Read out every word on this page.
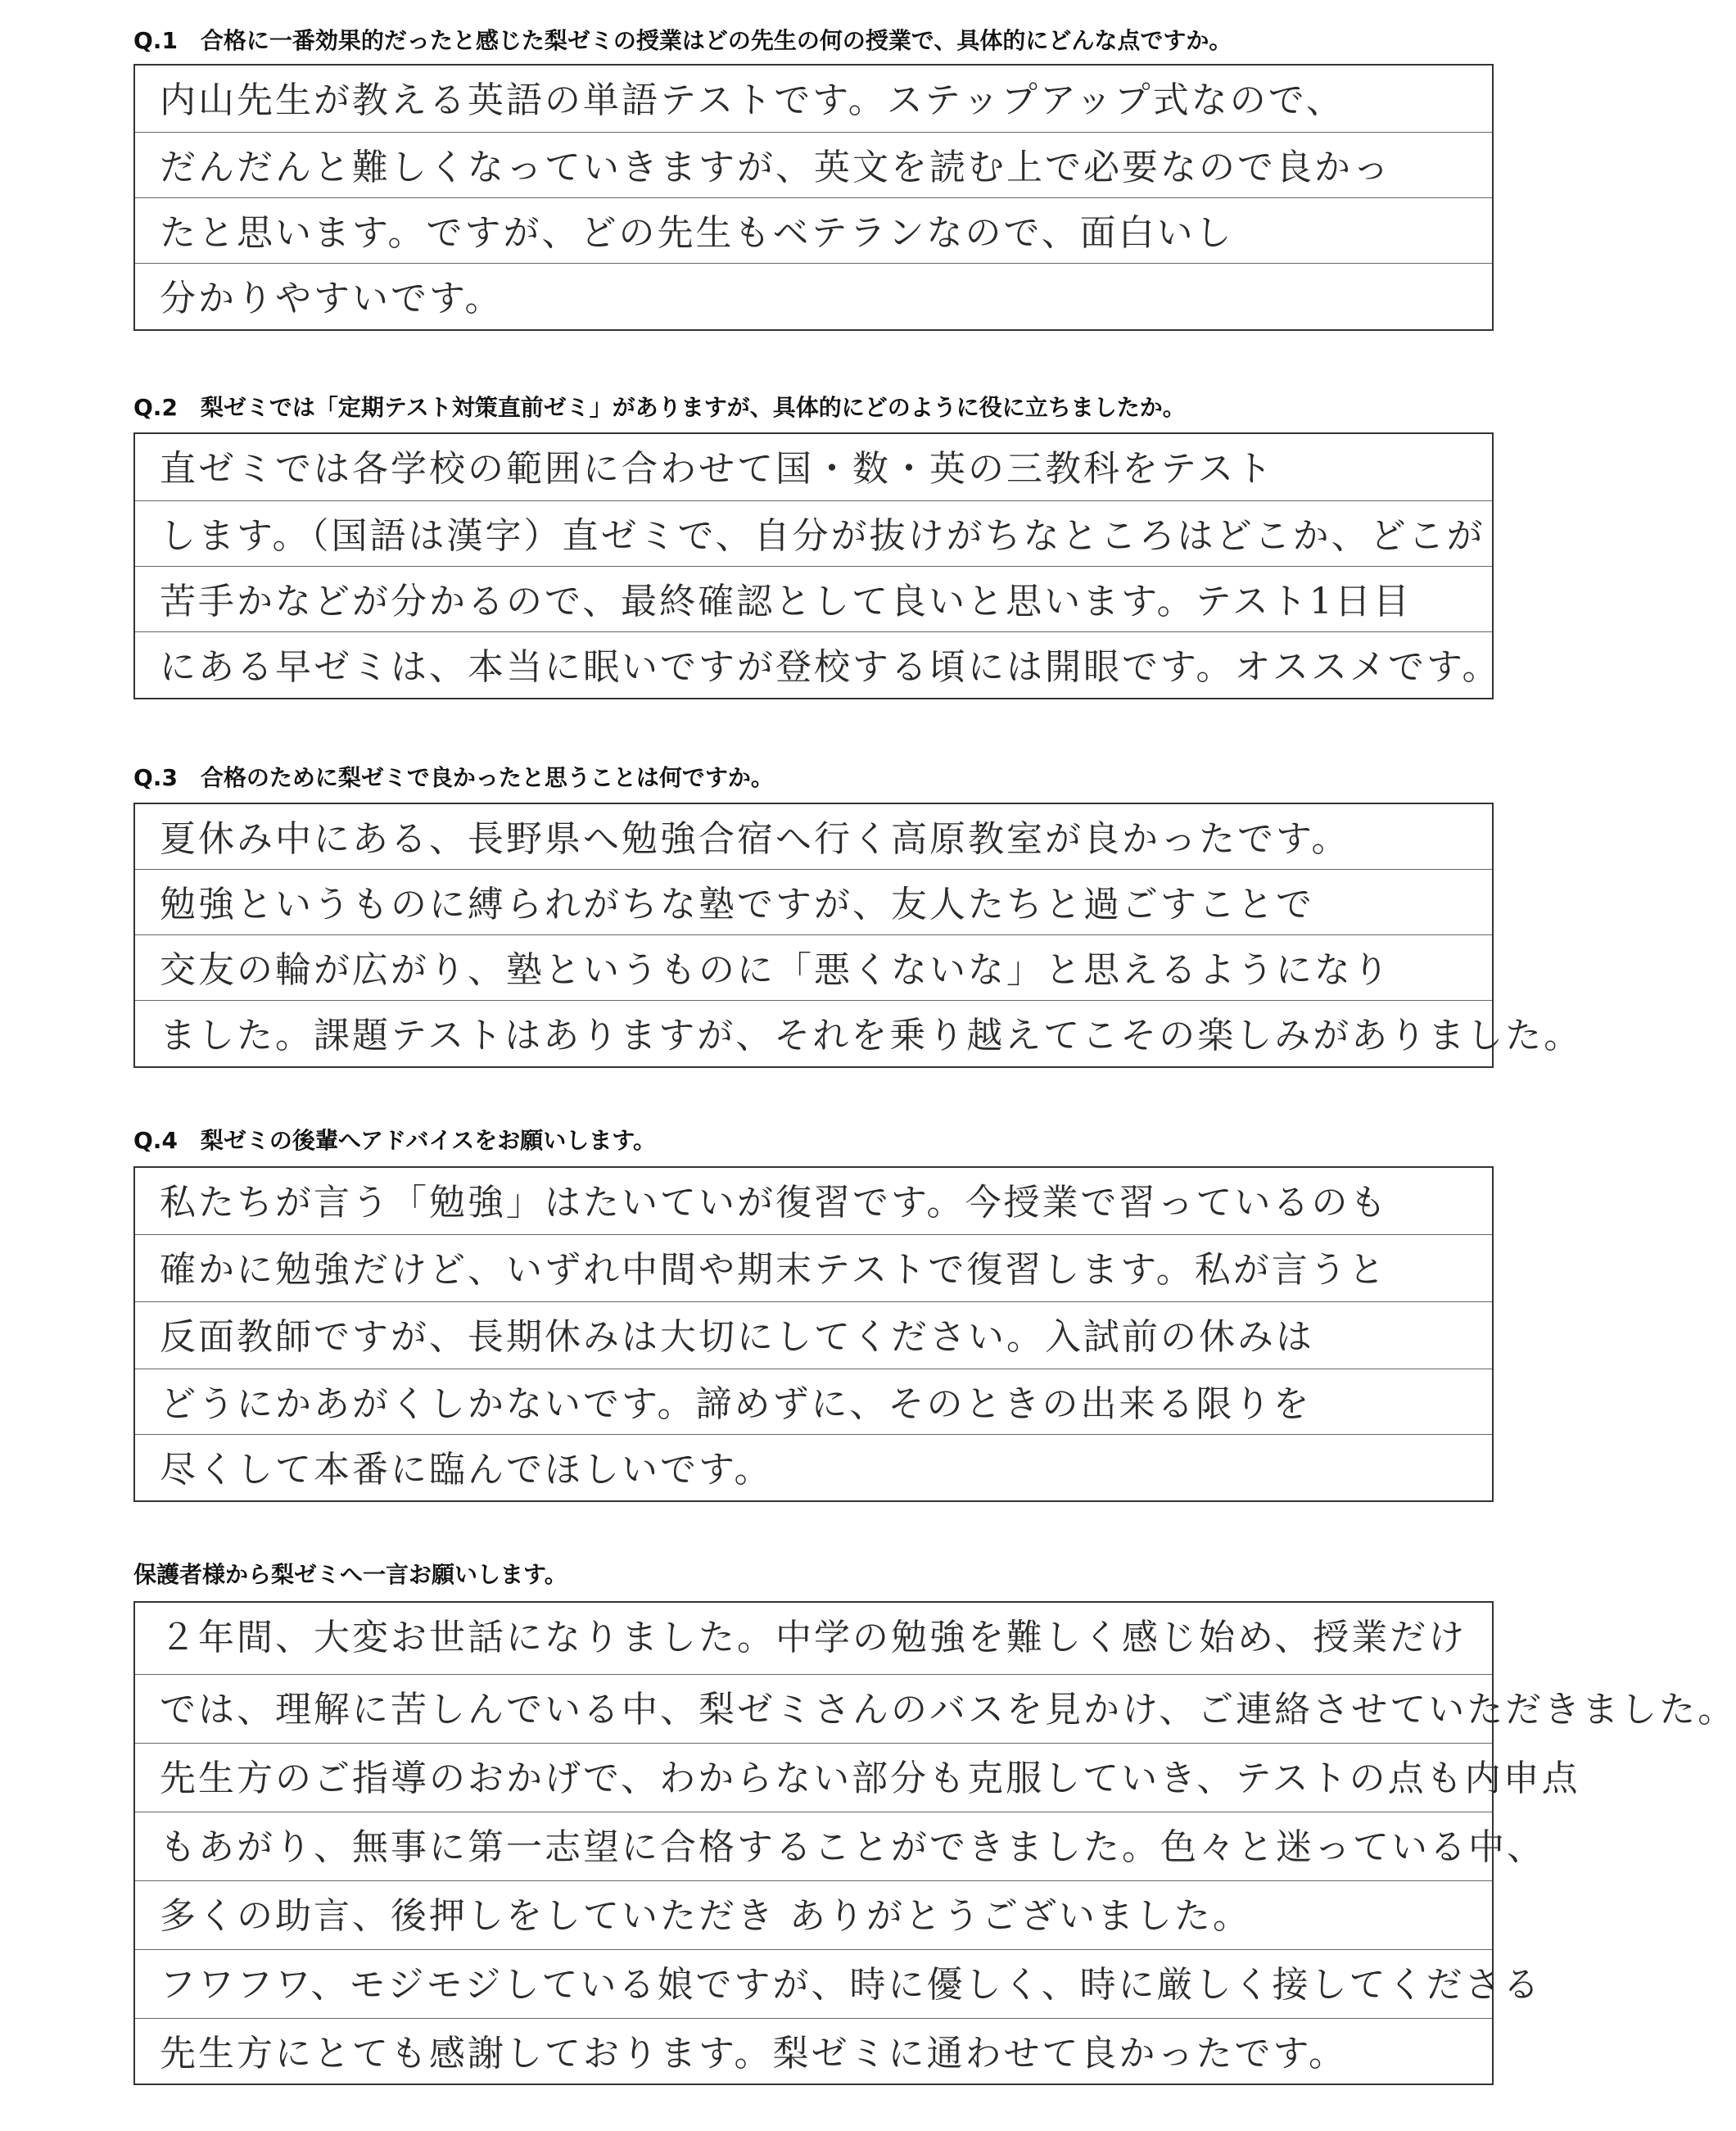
Q.1　合格に一番効果的だったと感じた梨ゼミの授業はどの先生の何の授業で、具体的にどんな点ですか。
内山先生が教える英語の単語テストです。ステップアップ式なので、
だんだんと難しくなっていきますが、英文を読む上で必要なので良かっ
たと思います。ですが、どの先生もベテランなので、面白いし
分かりやすいです。
Q.2　梨ゼミでは「定期テスト対策直前ゼミ」がありますが、具体的にどのように役に立ちましたか。
直ゼミでは各学校の範囲に合わせて国・数・英の三教科をテスト
します。（国語は漢字）直ゼミで、自分が抜けがちなところはどこか、どこが
苦手かなどが分かるので、最終確認として良いと思います。テスト1日目
にある早ゼミは、本当に眠いですが登校する頃には開眼です。オススメです。
Q.3　合格のために梨ゼミで良かったと思うことは何ですか。
夏休み中にある、長野県へ勉強合宿へ行く高原教室が良かったです。
勉強というものに縛られがちな塾ですが、友人たちと過ごすことで
交友の輪が広がり、塾というものに「悪くないな」と思えるようになり
ました。課題テストはありますが、それを乗り越えてこその楽しみがありました。
Q.4　梨ゼミの後輩へアドバイスをお願いします。
私たちが言う「勉強」はたいていが復習です。今授業で習っているのも
確かに勉強だけど、いずれ中間や期末テストで復習します。私が言うと
反面教師ですが、長期休みは大切にしてください。入試前の休みは
どうにかあがくしかないです。諦めずに、そのときの出来る限りを
尽くして本番に臨んでほしいです。
保護者様から梨ゼミへ一言お願いします。
２年間、大変お世話になりました。中学の勉強を難しく感じ始め、授業だけ
では、理解に苦しんでいる中、梨ゼミさんのバスを見かけ、ご連絡させていただきました。
先生方のご指導のおかげで、わからない部分も克服していき、テストの点も内申点
もあがり、無事に第一志望に合格することができました。色々と迷っている中、
多くの助言、後押しをしていただき ありがとうございました。
フワフワ、モジモジしている娘ですが、時に優しく、時に厳しく接してくださる
先生方にとても感謝しております。梨ゼミに通わせて良かったです。
